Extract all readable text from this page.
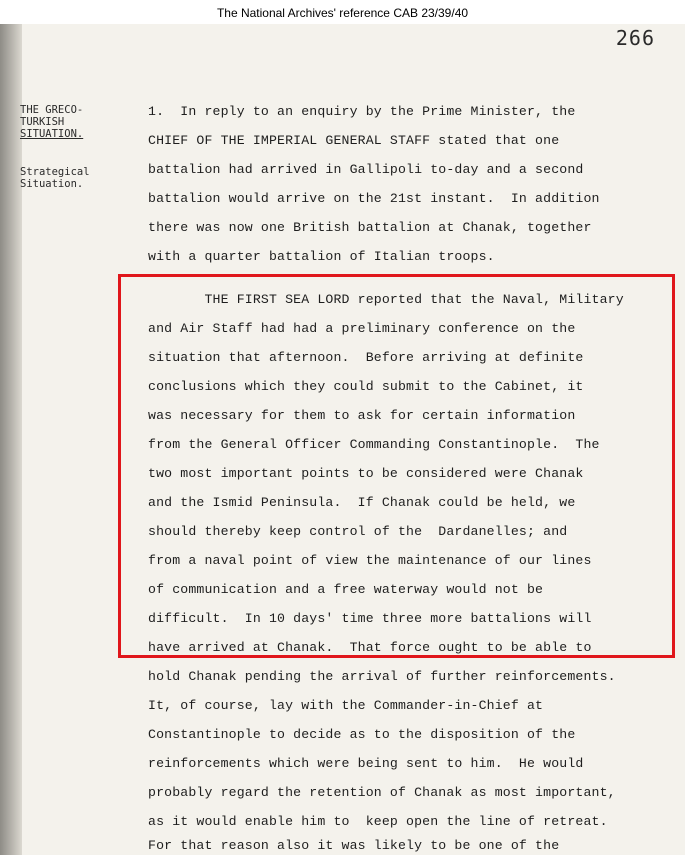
The National Archives' reference CAB 23/39/40
266
THE GRECO-
TURKISH
SITUATION.
Strategical
Situation.
1.  In reply to an enquiry by the Prime Minister, the
CHIEF OF THE IMPERIAL GENERAL STAFF stated that one
battalion had arrived in Gallipoli to-day and a second
battalion would arrive on the 21st instant.  In addition
there was now one British battalion at Chanak, together
with a quarter battalion of Italian troops.
THE FIRST SEA LORD reported that the Naval, Military
and Air Staff had had a preliminary conference on the
situation that afternoon.  Before arriving at definite
conclusions which they could submit to the Cabinet, it
was necessary for them to ask for certain information
from the General Officer Commanding Constantinople.  The
two most important points to be considered were Chanak
and the Ismid Peninsula.  If Chanak could be held, we
should thereby keep control of the  Dardanelles; and
from a naval point of view the maintenance of our lines
of communication and a free waterway would not be
difficult.  In 10 days' time three more battalions will
have arrived at Chanak.  That force ought to be able to
hold Chanak pending the arrival of further reinforcements.
It, of course, lay with the Commander-in-Chief at
Constantinople to decide as to the disposition of the
reinforcements which were being sent to him.  He would
probably regard the retention of Chanak as most important,
as it would enable him to  keep open the line of retreat.
For that reason also it was likely to be one of the
